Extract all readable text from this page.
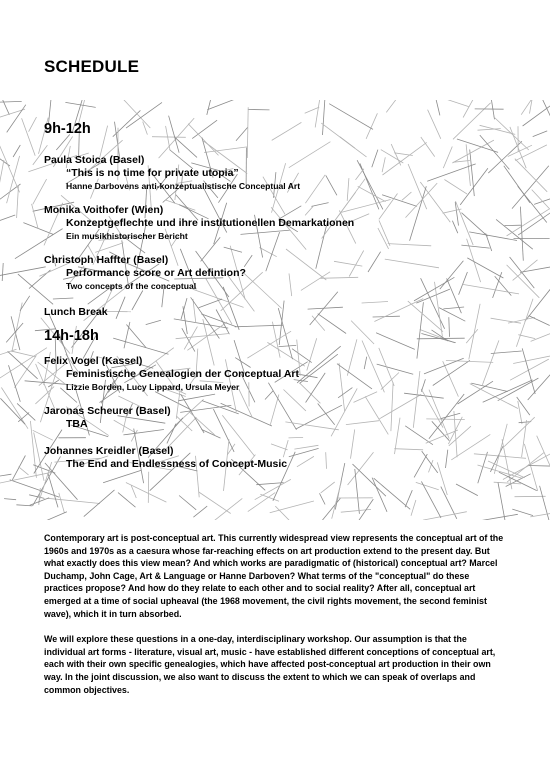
SCHEDULE
9h-12h
Paula Stoica (Basel)
“This is no time for private utopia”
Hanne Darbovens anti-konzeptualistische Conceptual Art
Monika Voithofer (Wien)
Konzeptgeflechte und ihre institutionellen Demarkationen
Ein musikhistorischer Bericht
Christoph Haffter (Basel)
Performance score or Art defintion?
Two concepts of the conceptual
Lunch Break
14h-18h
Felix Vogel (Kassel)
Feministische Genealogien der Conceptual Art
Lizzie Borden, Lucy Lippard, Ursula Meyer
Jaronas Scheurer (Basel)
TBA
Johannes Kreidler (Basel)
The End and Endlessness of Concept-Music

Contemporary art is post-conceptual art. This currently widespread view represents the conceptual art of the 1960s and 1970s as a caesura whose far-reaching effects on art production extend to the present day. But what exactly does this view mean? And which works are paradigmatic of (historical) conceptual art? Marcel Duchamp, John Cage, Art & Language or Hanne Darboven? What terms of the "conceptual" do these practices propose? And how do they relate to each other and to social reality? After all, conceptual art emerged at a time of social upheaval (the 1968 movement, the civil rights movement, the second feminist wave), which it in turn absorbed.

We will explore these questions in a one-day, interdisciplinary workshop. Our assumption is that the individual art forms - literature, visual art, music - have established different conceptions of conceptual art, each with their own specific genealogies, which have affected post-conceptual art production in their own way. In the joint discussion, we also want to discuss the extent to which we can speak of overlaps and common objectives.
